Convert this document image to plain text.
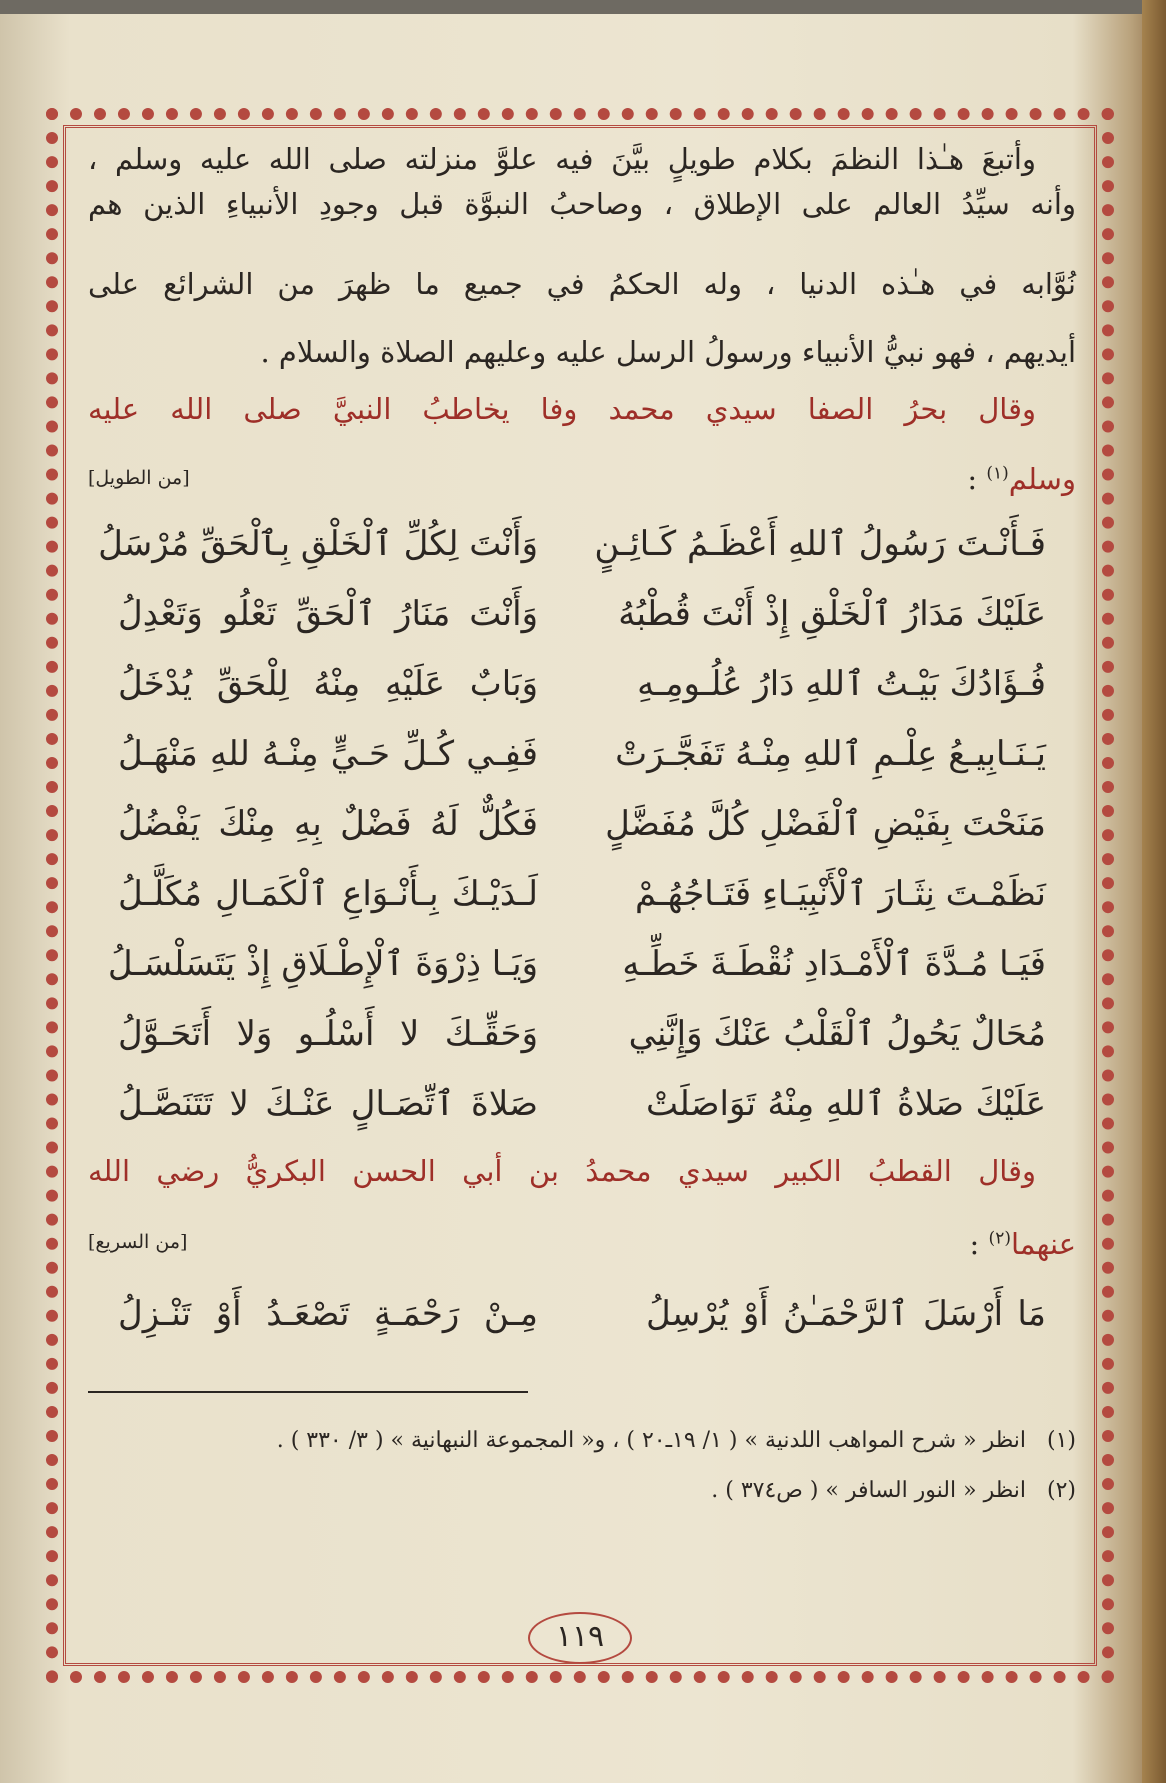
وأتبعَ هـٰذا النظمَ بكلام طويلٍ بيَّنَ فيه علوَّ منزلته صلى الله عليه وسلم ،
وأنه سيِّدُ العالم على الإطلاق ، وصاحبُ النبوَّة قبل وجودِ الأنبياءِ الذين هم
نُوَّابه في هـٰذه الدنيا ، وله الحكمُ في جميع ما ظهرَ من الشرائع على
أيديهم ، فهو نبيُّ الأنبياء ورسولُ الرسل عليه وعليهم الصلاة والسلام .
وقال بحرُ الصفا سيدي محمد وفا يخاطبُ النبيَّ صلى الله عليه
وسلم$^{(١)}$ :
[من الطويل]
فَـأَنْـتَ رَسُولُ ٱللهِ أَعْظَـمُ كَـائِـنٍ
وَأَنْتَ لِكُلِّ ٱلْخَلْقِ بِٱلْحَقِّ مُرْسَلُ
عَلَيْكَ مَدَارُ ٱلْخَلْقِ إِذْ أَنْتَ قُطْبُهُ
وَأَنْتَ مَنَارُ ٱلْحَقِّ تَعْلُو وَتَعْدِلُ
فُـؤَادُكَ بَيْـتُ ٱللهِ دَارُ عُلُـومِـهِ
وَبَابٌ عَلَيْهِ مِنْهُ لِلْحَقِّ يُدْخَلُ
يَـنَـابِيـعُ عِلْـمِ ٱللهِ مِنْـهُ تَفَجَّـرَتْ
فَفِـي كُـلِّ حَـيٍّ مِنْـهُ للهِ مَنْهَـلُ
مَنَحْتَ بِفَيْضِ ٱلْفَضْلِ كُلَّ مُفَضَّلٍ
فَكُلٌّ لَهُ فَضْلٌ بِهِ مِنْكَ يَفْضُلُ
نَظَمْـتَ نِثَـارَ ٱلْأَنْبِيَـاءِ فَتَـاجُهُـمْ
لَـدَيْـكَ بِـأَنْـوَاعِ ٱلْكَمَـالِ مُكَلَّـلُ
فَيَـا مُـدَّةَ ٱلْأَمْـدَادِ نُقْطَـةَ خَطِّـهِ
وَيَـا ذِرْوَةَ ٱلْإِطْـلَاقِ إِذْ يَتَسَلْسَـلُ
مُحَالٌ يَحُولُ ٱلْقَلْبُ عَنْكَ وَإِنَّنِي
وَحَقِّـكَ لا أَسْلُـو وَلا أَتَحَـوَّلُ
عَلَيْكَ صَلاةُ ٱللهِ مِنْهُ تَوَاصَلَتْ
صَلاةَ ٱتِّصَـالٍ عَنْـكَ لا تَتَنَصَّـلُ
وقال القطبُ الكبير سيدي محمدُ بن أبي الحسن البكريُّ رضي الله
عنهما$^{(٢)}$ :
[من السريع]
مَا أَرْسَلَ ٱلرَّحْمَـٰنُ أَوْ يُرْسِلُ
مِـنْ رَحْمَـةٍ تَصْعَـدُ أَوْ تَنْـزِلُ
(١)   انظر « شرح المواهب اللدنية » ( ١/ ١٩ـ٢٠ ) ، و« المجموعة النبهانية » ( ٣/ ٣٣٠ ) .
(٢)   انظر « النور السافر » ( ص٣٧٤ ) .
١١٩
